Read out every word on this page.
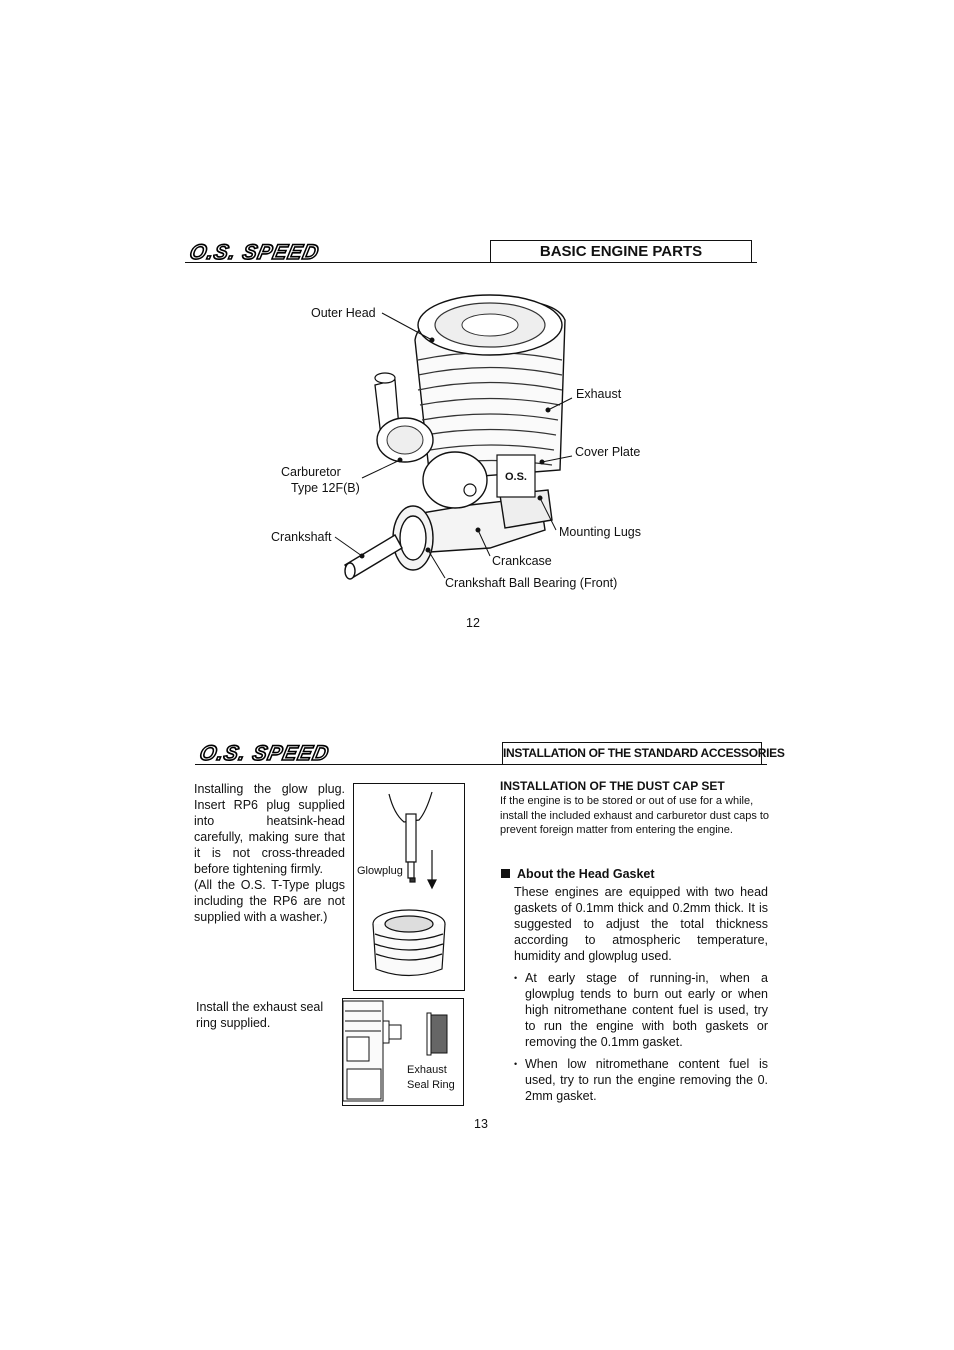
O.S. SPEED	BASIC ENGINE PARTS
O.S.
Outer Head
Exhaust
Cover Plate
Carburetor
Type 12F(B)
Crankshaft	Mounting Lugs
Crankcase
Crankshaft Ball Bearing (Front)
12
O.S. SPEED	INSTALLATION OF THE STANDARD ACCESSORIES
Installing the glow plug. Insert RP6 plug supplied into heatsink-head carefully, making sure that it is not cross-threaded before tightening firmly.
(All the O.S. T-Type plugs including the RP6 are not supplied with a washer.)
Glowplug
Install the exhaust seal ring supplied.
Exhaust
Seal Ring
INSTALLATION OF THE DUST CAP SET
If the engine is to be stored or out of use for a while, install the included exhaust and carburetor dust caps to prevent foreign matter from entering the engine.
About the Head Gasket
These engines are equipped with two head gaskets of 0.1mm thick and 0.2mm thick. It is suggested to adjust the total thickness according to atmospheric temperature, humidity and glowplug used.
• At early stage of running-in, when a glowplug tends to burn out early or when high nitromethane content fuel is used, try to run the engine with both gaskets or removing the 0.1mm gasket.
• When low nitromethane content fuel is used, try to run the engine removing the 0. 2mm gasket.
13
